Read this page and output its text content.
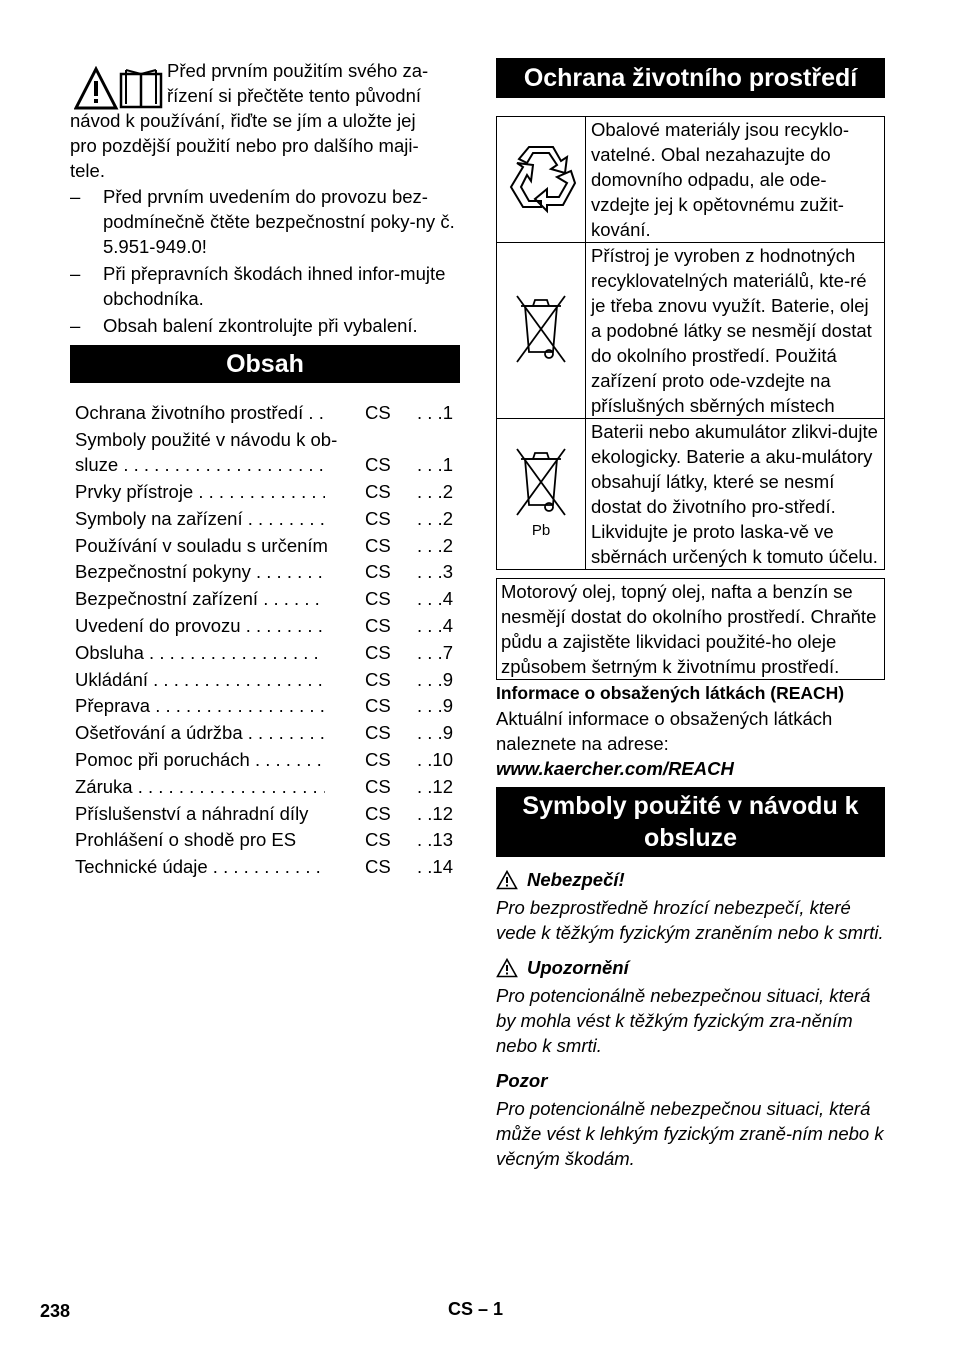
Před prvním použitím svého za-

řízení si přečtěte tento původní

návod k používání, řiďte se jím a uložte jej

pro pozdější použití nebo pro dalšího maji-

tele.

– Před prvním uvedením do provozu bez-podmínečně čtěte bezpečnostní poky-ny č. 5.951-949.0!
– Při přepravních škodách ihned infor-mujte obchodníka.
– Obsah balení zkontrolujte při vybalení.
Obsah
Ochrana životního prostředí . . .	CS	. . .1
Symboly použité v návodu k ob-		

sluze . . .	CS	. . .1

Prvky přístroje . . .	CS	. . .2

Symboly na zařízení . . .	CS	. . .2

Používání v souladu s určením	CS	. . .2

Bezpečnostní pokyny . . .	CS	. . .3

Bezpečnostní zařízení . . .	CS	. . .4

Uvedení do provozu . . .	CS	. . .4

Obsluha . . .	CS	. . .7

Ukládání . . .	CS	. . .9

Přeprava . . .	CS	. . .9

Ošetřování a údržba . . .	CS	. . .9

Pomoc při poruchách . . .	CS	. .10

Záruka . . .	CS	. .12

Příslušenství a náhradní díly	CS	. .12

Prohlášení o shodě pro ES	CS	. .13

Technické údaje . . .	CS	. .14
Ochrana životního prostředí
	Obalové materiály jsou recyklo-vatelné. Obal nezahazujte do domovního odpadu, ale ode-vzdejte jej k opětovnému zužit-kování.
	Přístroj je vyroben z hodnotných recyklovatelných materiálů, kte-ré je třeba znovu využít. Baterie, olej a podobné látky se nesmějí dostat do okolního prostředí. Použitá zařízení proto ode-vzdejte na příslušných sběrných místech

Pb	Baterii nebo akumulátor zlikvi-dujte ekologicky. Baterie a aku-mulátory obsahují látky, které se nesmí dostat do životního pro-středí. Likvidujte je proto laska-vě ve sběrnách určených k tomuto účelu.
Motorový olej, topný olej, nafta a benzín se nesmějí dostat do okolního prostředí. Chraňte půdu a zajistěte likvidaci použité-ho oleje způsobem šetrným k životnímu prostředí.
Informace o obsažených látkách (REACH)
Aktuální informace o obsažených látkách naleznete na adrese:
www.kaercher.com/REACH
Symboly použité v návodu k obsluze
Nebezpečí!
Pro bezprostředně hrozící nebezpečí, které vede k těžkým fyzickým zraněním nebo k smrti.
Upozornění
Pro potencionálně nebezpečnou situaci, která by mohla vést k těžkým fyzickým zra-něním nebo k smrti.
Pozor
Pro potencionálně nebezpečnou situaci, která může vést k lehkým fyzickým zraně-ním nebo k věcným škodám.
238	CS – 1
